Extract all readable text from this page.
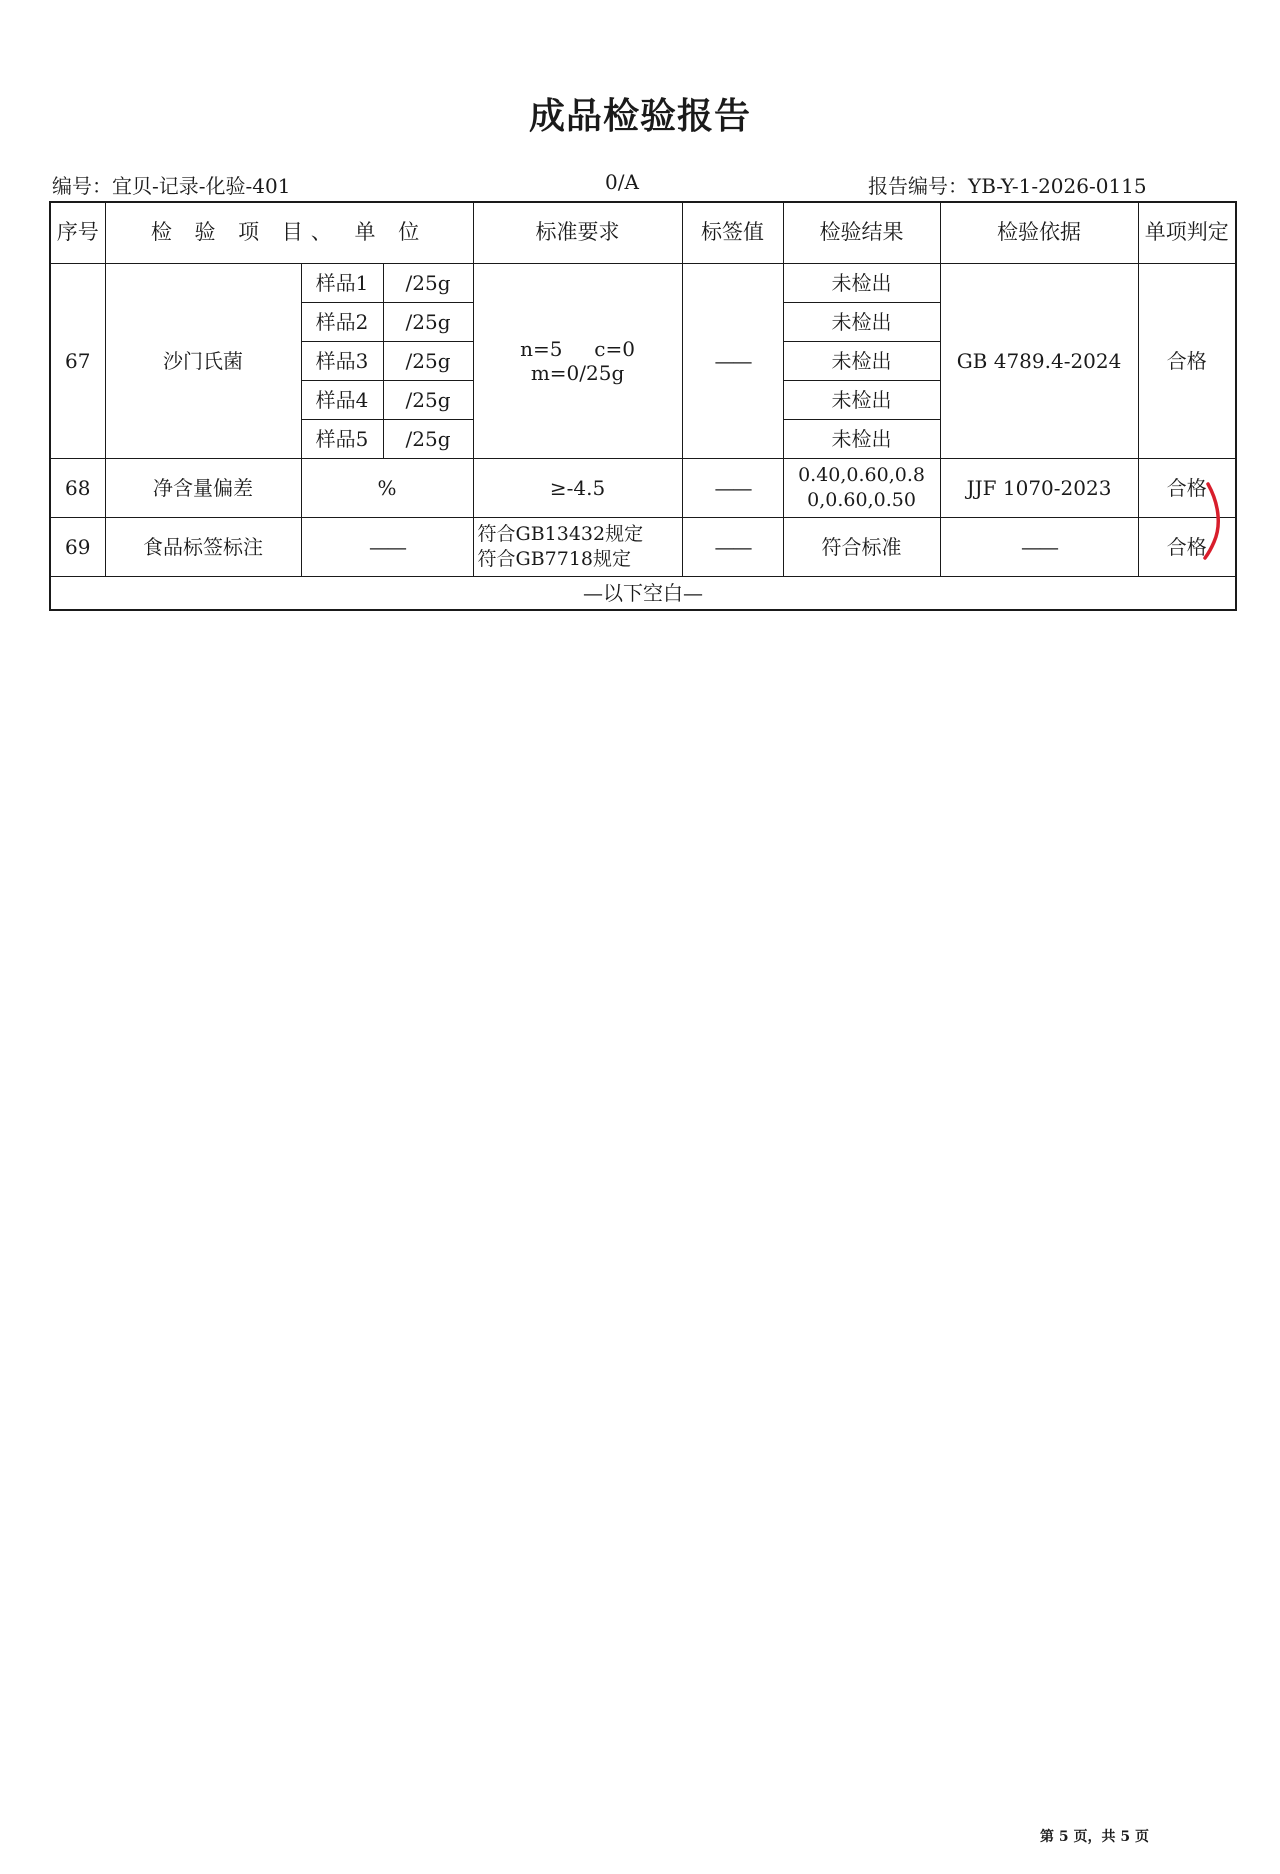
成品检验报告
编号：宜贝-记录-化验-401	0/A	报告编号：YB-Y-1-2026-0115
序号	检 验 项 目、 单 位			标准要求	标签值	检验结果	检验依据	单项判定
67	沙门氏菌	样品1	/25g	n=5     c=0
m=0/25g	——	未检出	GB 4789.4-2024	合格
		样品2	/25g			未检出		
		样品3	/25g			未检出		
		样品4	/25g			未检出		
		样品5	/25g			未检出		
68	净含量偏差	%		≥-4.5	——	0.40,0.60,0.8
0,0.60,0.50	JJF 1070-2023	合格
69	食品标签标注	——		符合GB13432规定
符合GB7718规定	——	符合标准	——	合格
—以下空白—								
第 5 页，共 5 页
